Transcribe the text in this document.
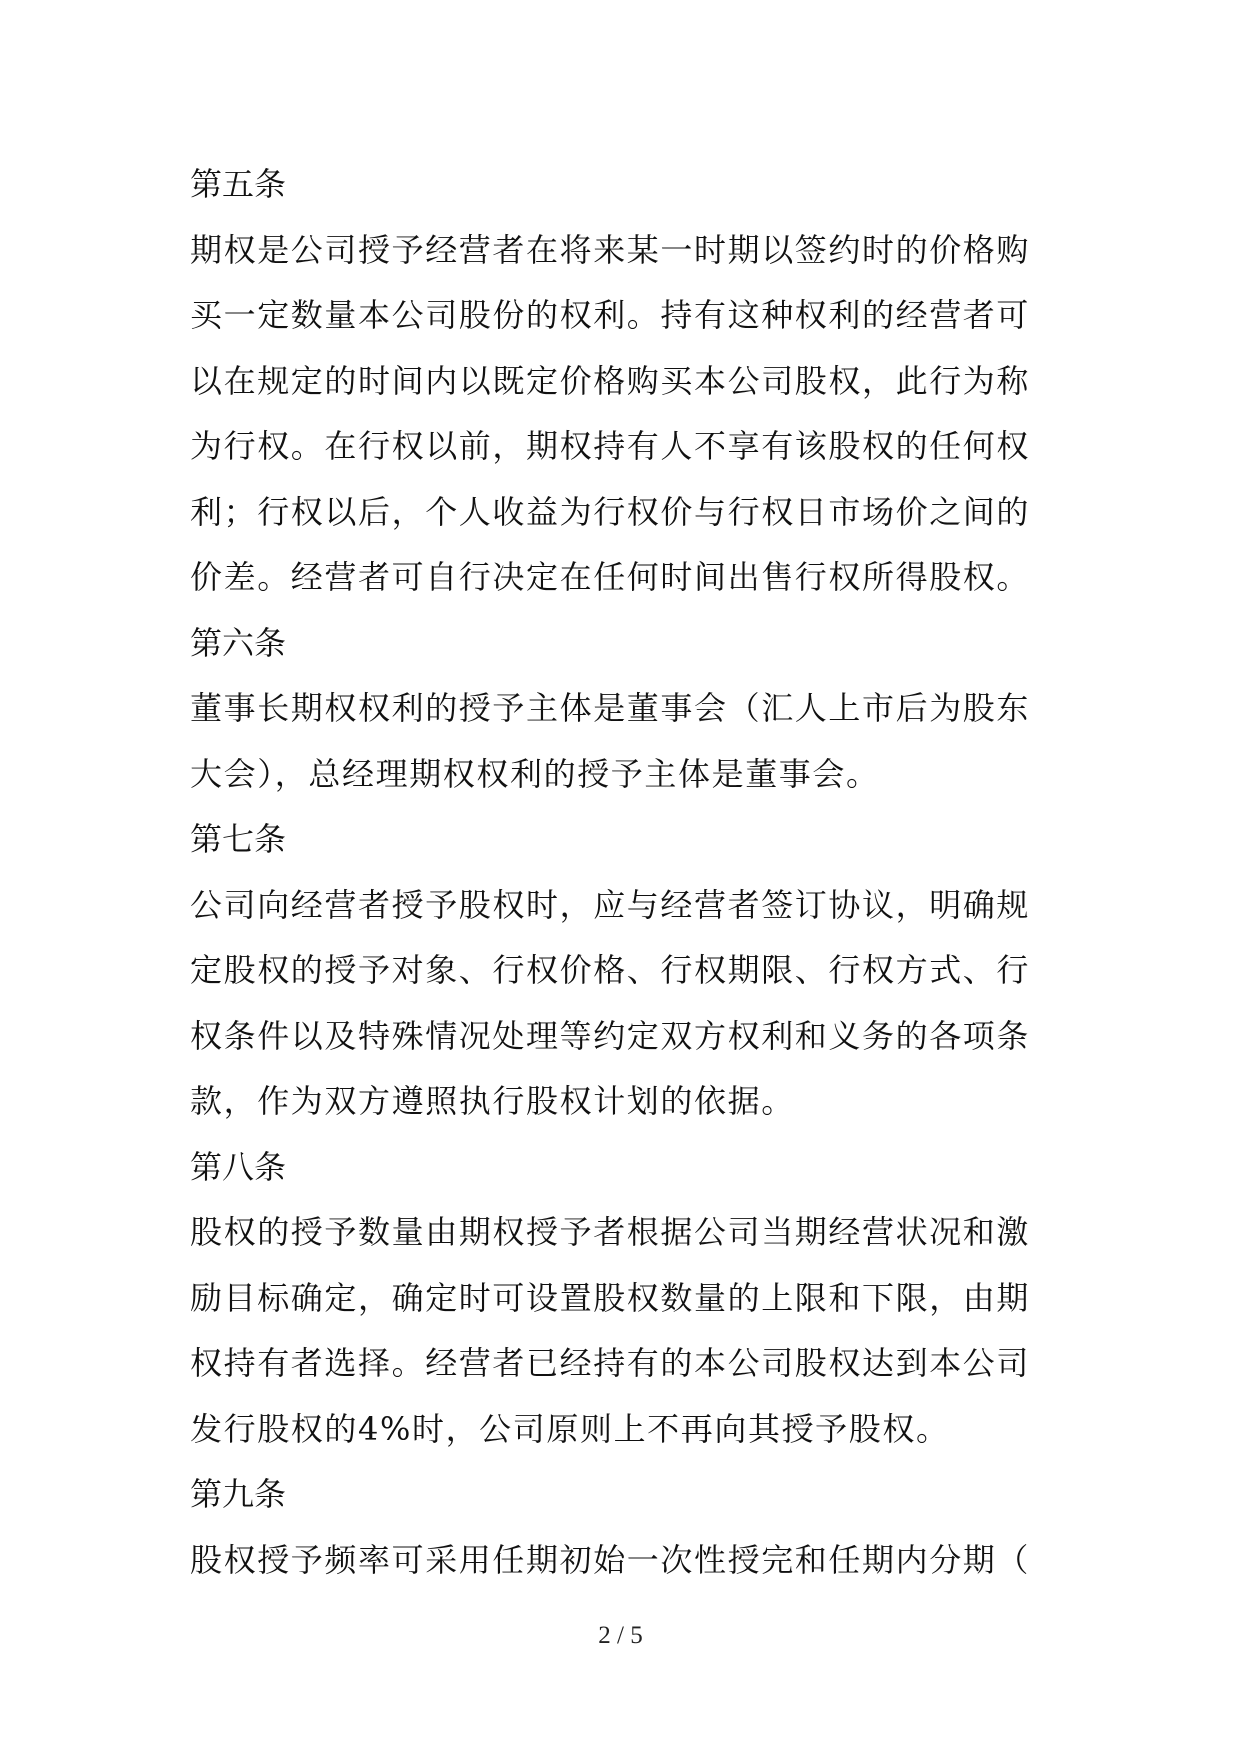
第五条
期权是公司授予经营者在将来某一时期以签约时的价格购
买一定数量本公司股份的权利。持有这种权利的经营者可
以在规定的时间内以既定价格购买本公司股权，此行为称
为行权。在行权以前，期权持有人不享有该股权的任何权
利；行权以后，个人收益为行权价与行权日市场价之间的
价差。经营者可自行决定在任何时间出售行权所得股权。
第六条
董事长期权权利的授予主体是董事会（汇人上市后为股东
大会），总经理期权权利的授予主体是董事会。
第七条
公司向经营者授予股权时，应与经营者签订协议，明确规
定股权的授予对象、行权价格、行权期限、行权方式、行
权条件以及特殊情况处理等约定双方权利和义务的各项条
款，作为双方遵照执行股权计划的依据。
第八条
股权的授予数量由期权授予者根据公司当期经营状况和激
励目标确定，确定时可设置股权数量的上限和下限，由期
权持有者选择。经营者已经持有的本公司股权达到本公司
发行股权的4%时，公司原则上不再向其授予股权。
第九条
股权授予频率可采用任期初始一次性授完和任期内分期（
2 / 5
